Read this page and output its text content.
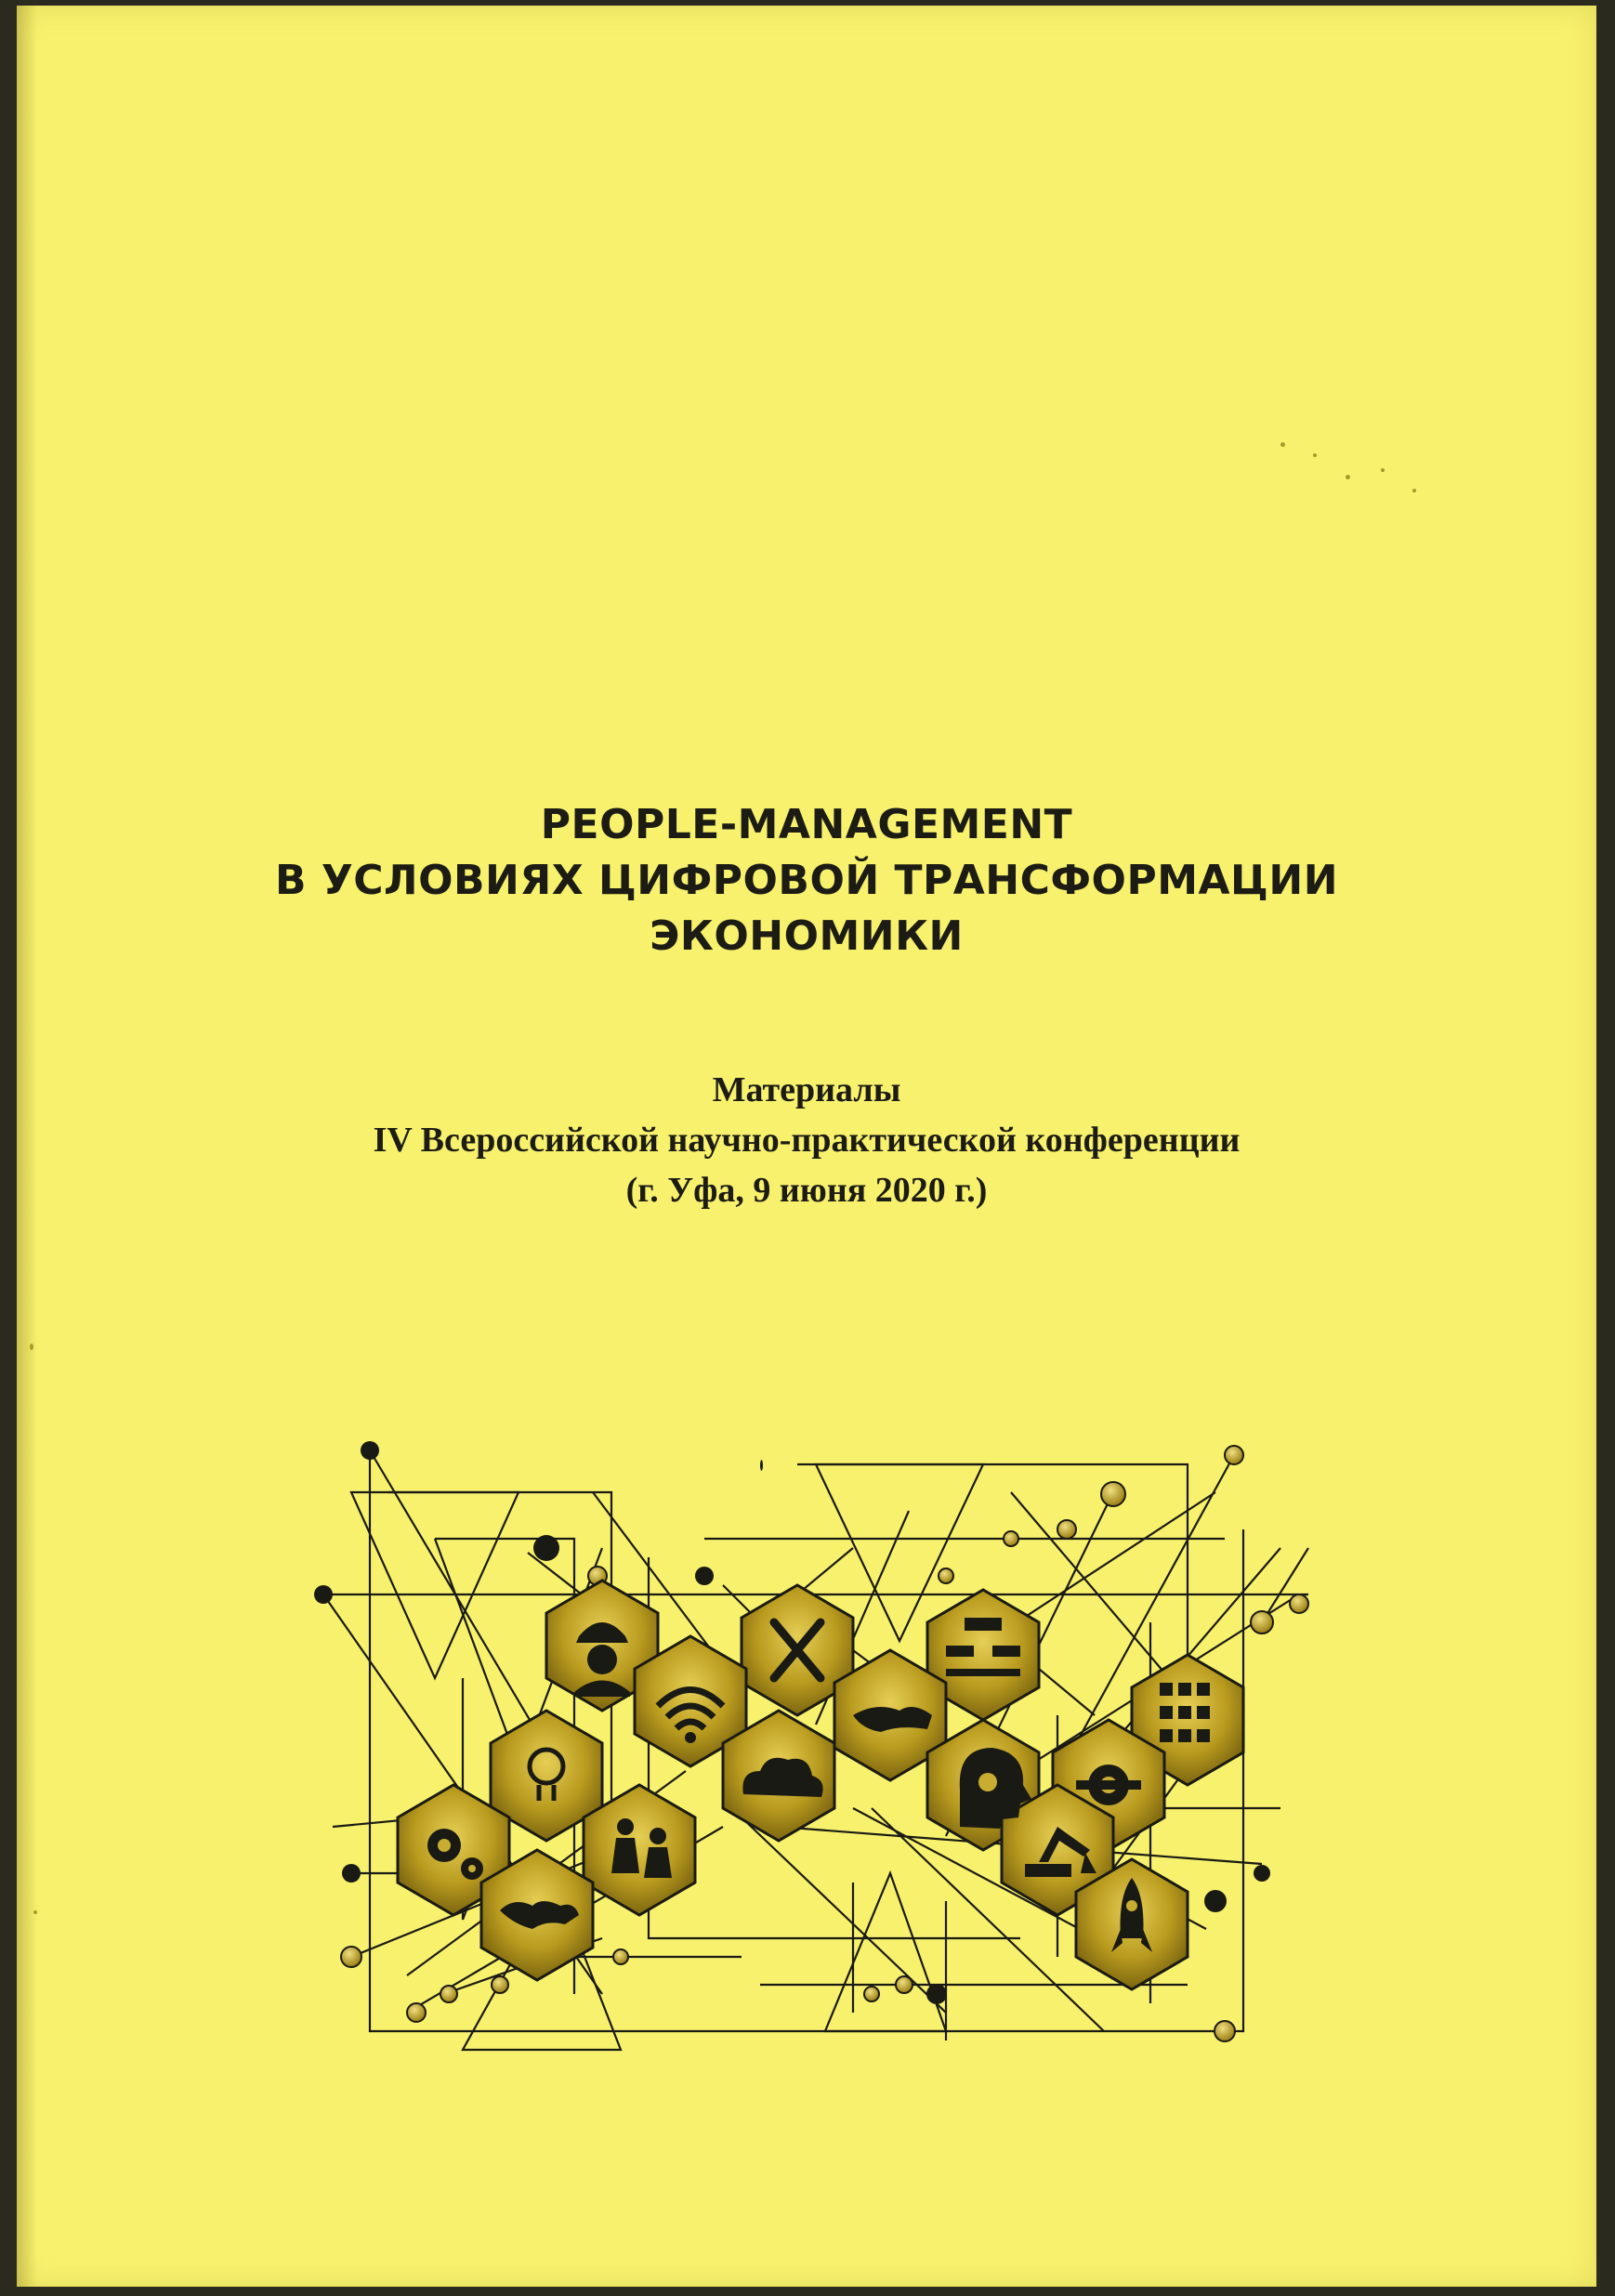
PEOPLE-MANAGEMENT
В УСЛОВИЯХ ЦИФРОВОЙ ТРАНСФОРМАЦИИ
ЭКОНОМИКИ
Материалы
IV Всероссийской научно-практической конференции
(г. Уфа, 9 июня 2020 г.)
